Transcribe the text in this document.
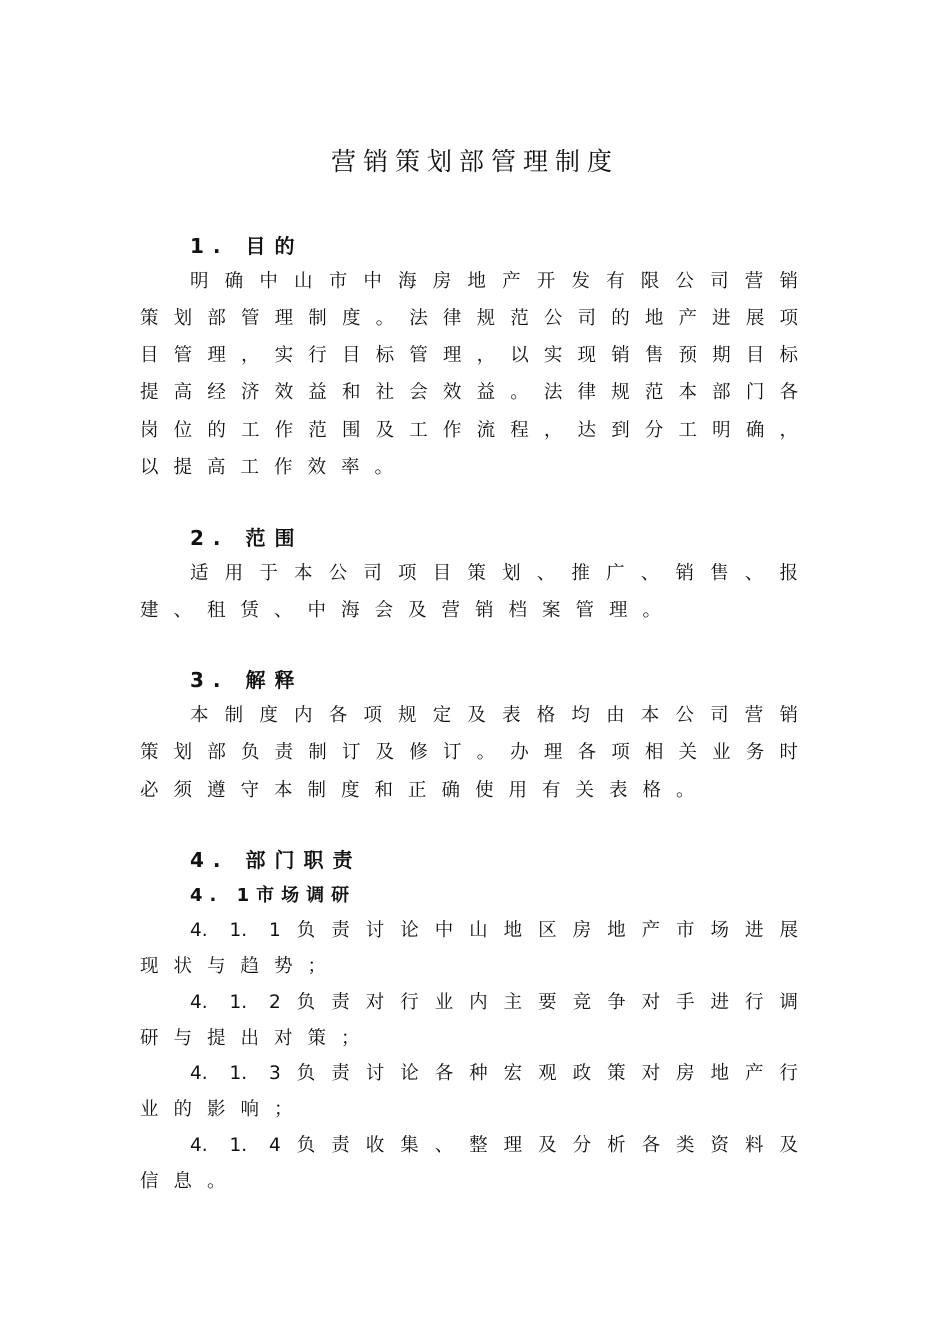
营销策划部管理制度
1. 目的
明确中山市中海房地产开发有限公司营销
策划部管理制度。法律规范公司的地产进展项
目管理，实行目标管理，以实现销售预期目标
提高经济效益和社会效益。法律规范本部门各
岗位的工作范围及工作流程，达到分工明确，
以提高工作效率。
2. 范围
适用于本公司项目策划、推广、销售、报
建、租赁、中海会及营销档案管理。
3. 解释
本制度内各项规定及表格均由本公司营销
策划部负责制订及修订。办理各项相关业务时
必须遵守本制度和正确使用有关表格。
4. 部门职责
4. 1市场调研
4. 1. 1负责讨论中山地区房地产市场进展
现状与趋势；
4. 1. 2负责对行业内主要竞争对手进行调
研与提出对策；
4. 1. 3负责讨论各种宏观政策对房地产行
业的影响；
4. 1. 4负责收集、整理及分析各类资料及
信息。
